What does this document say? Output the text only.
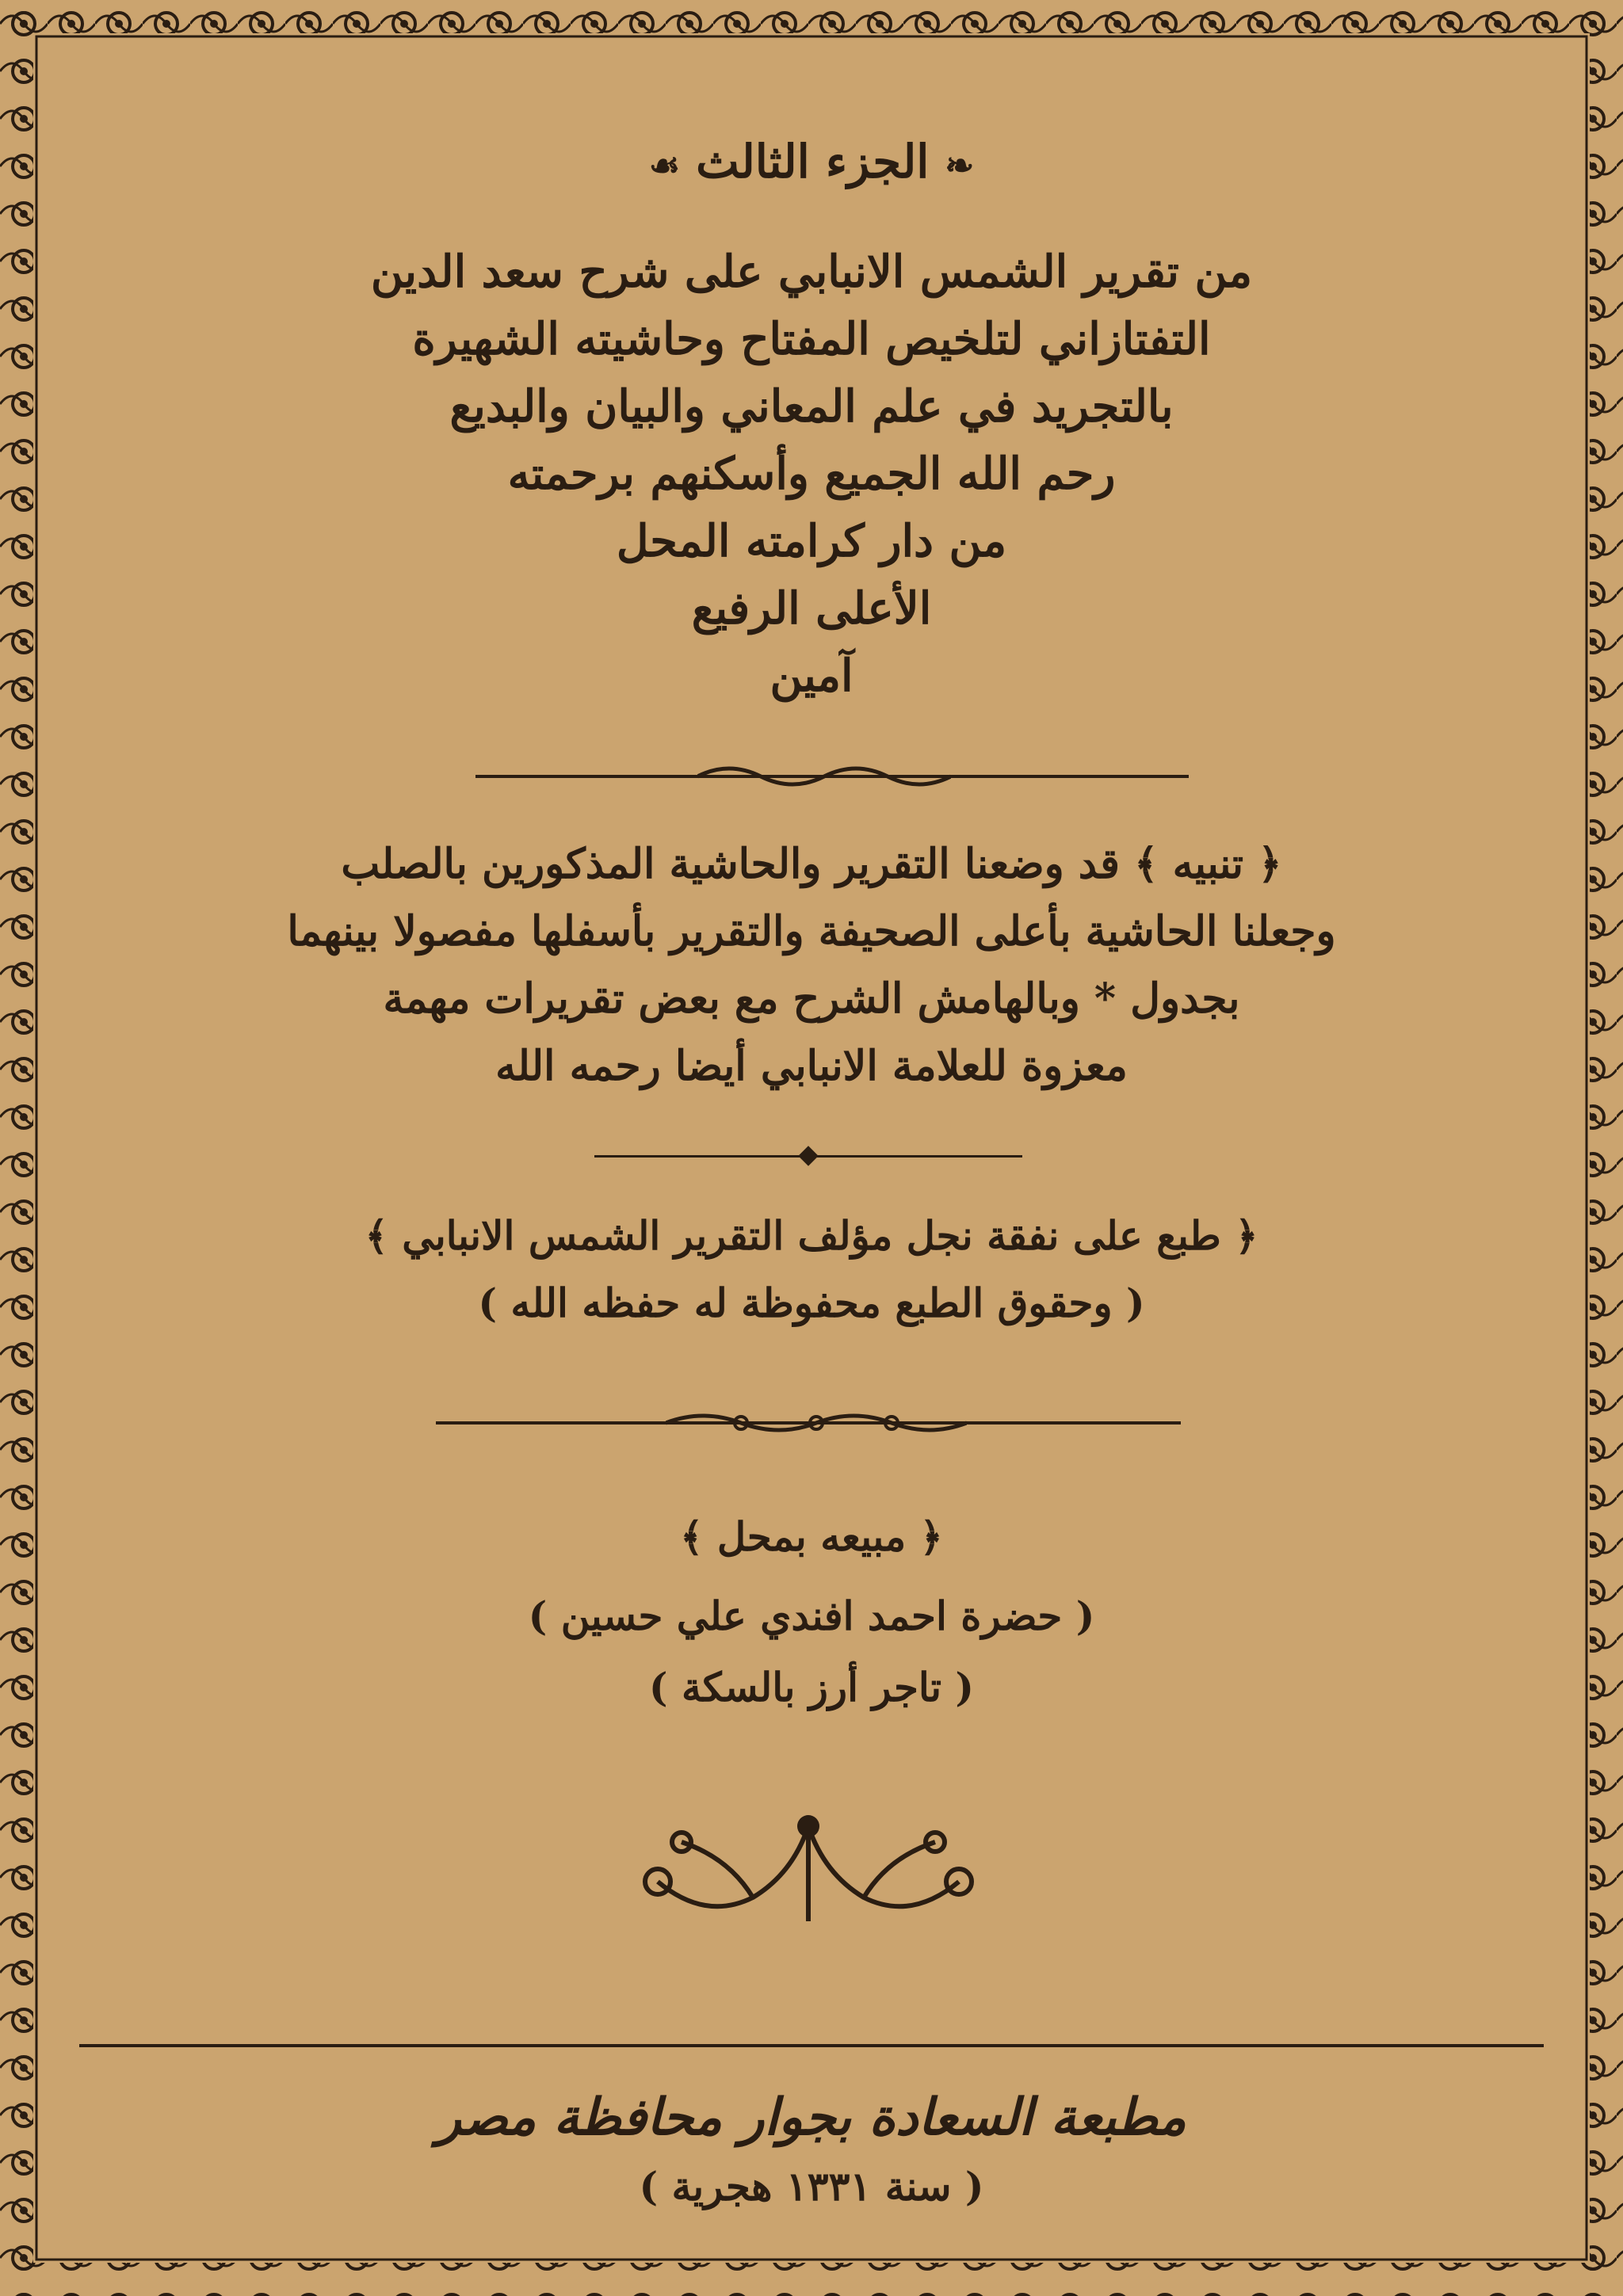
❧الجزء الثالث☙
من تقرير الشمس الانبابي على شرح سعد الدين
التفتازاني لتلخيص المفتاح وحاشيته الشهيرة
بالتجريد في علم المعاني والبيان والبديع
رحم الله الجميع وأسكنهم برحمته
من دار كرامته المحل
الأعلى الرفيع
آمين
﴿ تنبيه ﴾ قد وضعنا التقرير والحاشية المذكورين بالصلب
وجعلنا الحاشية بأعلى الصحيفة والتقرير بأسفلها مفصولا بينهما
بجدول * وبالهامش الشرح مع بعض تقريرات مهمة
معزوة للعلامة الانبابي أيضا رحمه الله
﴿ طبع على نفقة نجل مؤلف التقرير الشمس الانبابي ﴾
( وحقوق الطبع محفوظة له حفظه الله )
﴿ مبيعه بمحل ﴾
( حضرة احمد افندي علي حسين )
( تاجر أرز بالسكة )
مطبعة السعادة بجوار محافظة مصر
( سنة ١٣٣١ هجرية )
